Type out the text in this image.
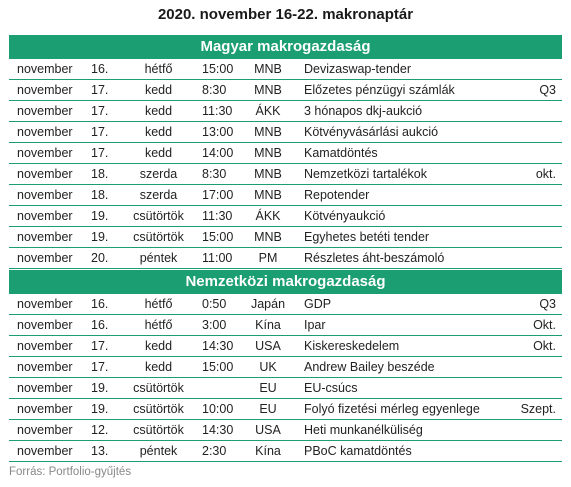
2020. november 16-22. makronaptár
Magyar makrogazdaság
november	16.	hétfő	15:00	MNB	Devizaswap-tender	
november	17.	kedd	8:30	MNB	Előzetes pénzügyi számlák	Q3
november	17.	kedd	11:30	ÁKK	3 hónapos dkj-aukció	
november	17.	kedd	13:00	MNB	Kötvényvásárlási aukció	
november	17.	kedd	14:00	MNB	Kamatdöntés	
november	18.	szerda	8:30	MNB	Nemzetközi tartalékok	okt.
november	18.	szerda	17:00	MNB	Repotender	
november	19.	csütörtök	11:30	ÁKK	Kötvényaukció	
november	19.	csütörtök	15:00	MNB	Egyhetes betéti tender	
november	20.	péntek	11:00	PM	Részletes áht-beszámoló	
Nemzetközi makrogazdaság
november	16.	hétfő	0:50	Japán	GDP	Q3
november	16.	hétfő	3:00	Kína	Ipar	Okt.
november	17.	kedd	14:30	USA	Kiskereskedelem	Okt.
november	17.	kedd	15:00	UK	Andrew Bailey beszéde	
november	19.	csütörtök		EU	EU-csúcs	
november	19.	csütörtök	10:00	EU	Folyó fizetési mérleg egyenlege	Szept.
november	12.	csütörtök	14:30	USA	Heti munkanélküliség	
november	13.	péntek	2:30	Kína	PBoC kamatdöntés	
Forrás: Portfolio-gyűjtés
